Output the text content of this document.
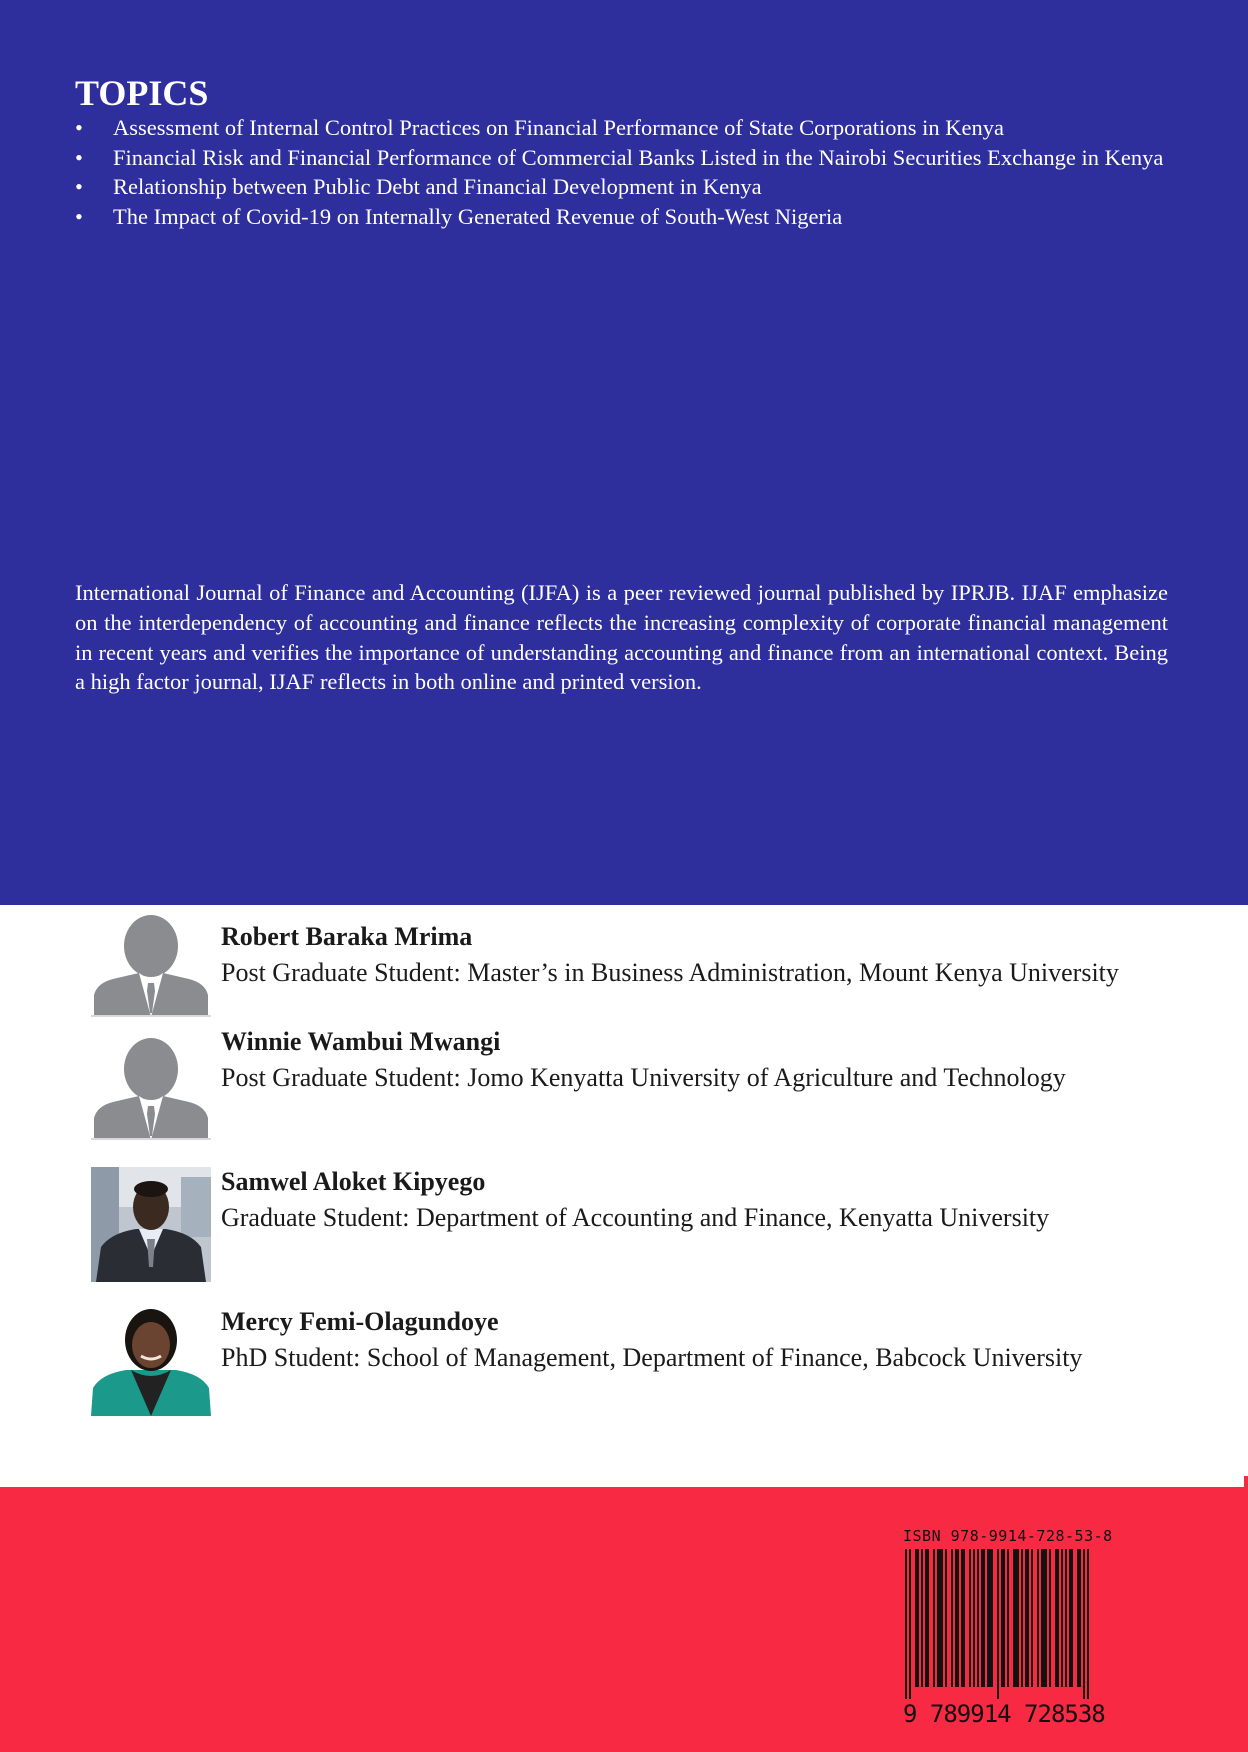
TOPICS
• Assessment of Internal Control Practices on Financial Performance of State Corporations in Kenya
• Financial Risk and Financial Performance of Commercial Banks Listed in the Nairobi Securities Exchange in Kenya
• Relationship between Public Debt and Financial Development in Kenya
• The Impact of Covid-19 on Internally Generated Revenue of South-West Nigeria

International Journal of Finance and Accounting (IJFA) is a peer reviewed journal published by IPRJB. IJAF emphasize on the interdependency of accounting and finance reflects the increasing complexity of corporate financial management in recent years and verifies the importance of understanding accounting and finance from an international context. Being a high factor journal, IJAF reflects in both online and printed version.

Robert Baraka Mrima
Post Graduate Student: Master’s in Business Administration, Mount Kenya University
Winnie Wambui Mwangi
Post Graduate Student: Jomo Kenyatta University of Agriculture and Technology
Samwel Aloket Kipyego
Graduate Student: Department of Accounting and Finance, Kenyatta University
Mercy Femi-Olagundoye
PhD Student: School of Management, Department of Finance, Babcock University
ISBN 978-9914-728-53-8
9 789914 728538
